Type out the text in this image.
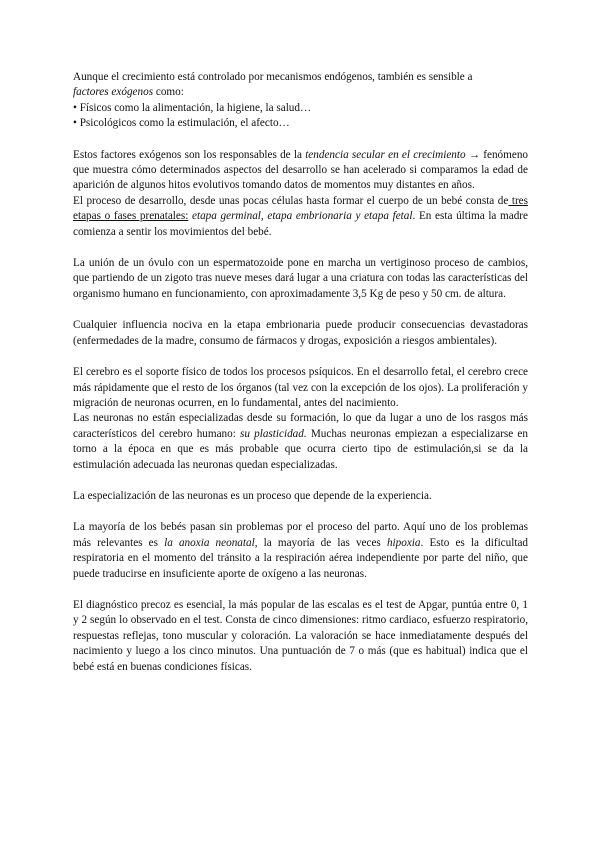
Aunque el crecimiento está controlado por mecanismos endógenos, también es sensible a
factores exógenos como:

• Físicos como la alimentación, la higiene, la salud…

• Psicológicos como la estimulación, el afecto…

Estos factores exógenos son los responsables de la tendencia secular en el crecimiento → fenómeno que muestra cómo determinados aspectos del desarrollo se han acelerado si comparamos la edad de aparición de algunos hitos evolutivos tomando datos de momentos muy distantes en años.

El proceso de desarrollo, desde unas pocas células hasta formar el cuerpo de un bebé consta de tres etapas o fases prenatales: etapa germinal, etapa embrionaria y etapa fetal. En esta última la madre comienza a sentir los movimientos del bebé.

La unión de un óvulo con un espermatozoide pone en marcha un vertiginoso proceso de cambios, que partiendo de un zigoto tras nueve meses dará lugar a una criatura con todas las características del organismo humano en funcionamiento, con aproximadamente 3,5 Kg de peso y 50 cm. de altura.

Cualquier influencia nociva en la etapa embrionaria puede producir consecuencias devastadoras (enfermedades de la madre, consumo de fármacos y drogas, exposición a riesgos ambientales).

El cerebro es el soporte físico de todos los procesos psíquicos. En el desarrollo fetal, el cerebro crece más rápidamente que el resto de los órganos (tal vez con la excepción de los ojos). La proliferación y migración de neuronas ocurren, en lo fundamental, antes del nacimiento.

Las neuronas no están especializadas desde su formación, lo que da lugar a uno de los rasgos más característicos del cerebro humano: su plasticidad. Muchas neuronas empiezan a especializarse en torno a la época en que es más probable que ocurra cierto tipo de estimulación,si se da la estimulación adecuada las neuronas quedan especializadas.

La especialización de las neuronas es un proceso que depende de la experiencia.

La mayoría de los bebés pasan sin problemas por el proceso del parto. Aquí uno de los problemas más relevantes es la anoxia neonatal, la mayoría de las veces hipoxia. Esto es la dificultad respiratoria en el momento del tránsito a la respiración aérea independiente por parte del niño, que puede traducirse en insuficiente aporte de oxígeno a las neuronas.

El diagnóstico precoz es esencial, la más popular de las escalas es el test de Apgar, puntúa entre 0, 1 y 2 según lo observado en el test. Consta de cinco dimensiones: ritmo cardiaco, esfuerzo respiratorio, respuestas reflejas, tono muscular y coloración. La valoración se hace inmediatamente después del nacimiento y luego a los cinco minutos. Una puntuación de 7 o más (que es habitual) indica que el bebé está en buenas condiciones físicas.
